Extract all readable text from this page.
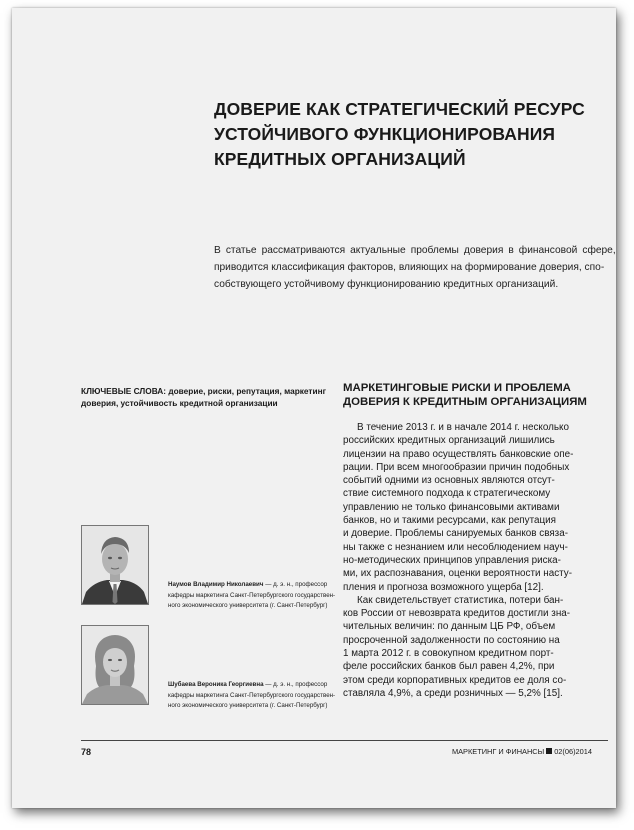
ДОВЕРИЕ КАК СТРАТЕГИЧЕСКИЙ РЕСУРС
УСТОЙЧИВОГО ФУНКЦИОНИРОВАНИЯ
КРЕДИТНЫХ ОРГАНИЗАЦИЙ
В статье рассматриваются актуальные проблемы доверия в финансовой сфере,
приводится классификация факторов, влияющих на формирование доверия, спо-
собствующего устойчивому функционированию кредитных организаций.
КЛЮЧЕВЫЕ СЛОВА: доверие, риски, репутация, маркетинг
доверия, устойчивость кредитной организации
МАРКЕТИНГОВЫЕ РИСКИ И ПРОБЛЕМА
ДОВЕРИЯ К КРЕДИТНЫМ ОРГАНИЗАЦИЯМ
В течение 2013 г. и в начале 2014 г. несколько
российских кредитных организаций лишились
лицензии на право осуществлять банковские опе-
рации. При всем многообразии причин подобных
событий одними из основных являются отсут-
ствие системного подхода к стратегическому
управлению не только финансовыми активами
банков, но и такими ресурсами, как репутация
и доверие. Проблемы санируемых банков связа-
ны также с незнанием или несоблюдением науч-
но-методических принципов управления риска-
ми, их распознавания, оценки вероятности насту-
пления и прогноза возможного ущерба [12].
Как свидетельствует статистика, потери бан-
ков России от невозврата кредитов достигли зна-
чительных величин: по данным ЦБ РФ, объем
просроченной задолженности по состоянию на
1 марта 2012 г. в совокупном кредитном порт-
феле российских банков был равен 4,2%, при
этом среди корпоративных кредитов ее доля со-
ставляла 4,9%, а среди розничных — 5,2% [15].
Наумов Владимир Николаевич — д. э. н., профессор
кафедры маркетинга Санкт-Петербургского государствен-
ного экономического университета (г. Санкт-Петербург)
Шубаева Вероника Георгиевна — д. э. н., профессор
кафедры маркетинга Санкт-Петербургского государствен-
ного экономического университета (г. Санкт-Петербург)
78	МАРКЕТИНГ И ФИНАНСЫ 02(06)2014
